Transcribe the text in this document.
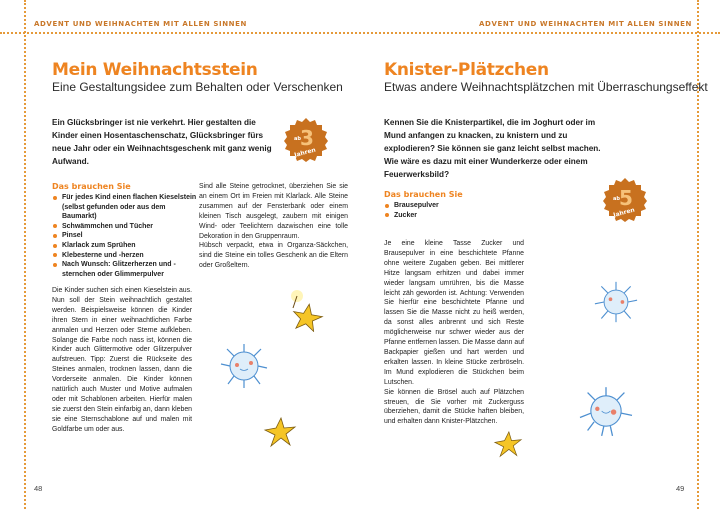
ADVENT UND WEIHNACHTEN MIT ALLEN SINNEN	ADVENT UND WEIHNACHTEN MIT ALLEN SINNEN
Mein Weihnachtsstein
Eine Gestaltungsidee zum Behalten oder Verschenken
Ein Glücksbringer ist nie verkehrt. Hier gestalten die Kinder einen Hosentaschenschatz, Glücksbringer fürs neue Jahr oder ein Weihnachtsgeschenk mit ganz wenig Aufwand.
ab 3
Jahren
Das brauchen Sie
Für jedes Kind einen flachen Kieselstein (selbst gefunden oder aus dem Baumarkt)
Schwämmchen und Tücher
Pinsel
Klarlack zum Sprühen
Klebesterne und -herzen
Nach Wunsch: Glitzerherzen und -sternchen oder Glimmerpulver

Sind alle Steine getrocknet, überziehen Sie sie an einem Ort im Freien mit Klarlack. Alle Steine zusammen auf der Fensterbank oder einem kleinen Tisch ausgelegt, zaubern mit einigen Wind- oder Teelichtern dazwischen eine tolle Dekoration in den Gruppenraum.

Hübsch verpackt, etwa in Organza-Säckchen, sind die Steine ein tolles Geschenk an die Eltern oder Großeltern.

Die Kinder suchen sich einen Kieselstein aus. Nun soll der Stein weihnachtlich gestaltet werden. Beispielsweise können die Kinder ihren Stern in einer weihnachtlichen Farbe anmalen und Herzen oder Sterne aufkleben. Solange die Farbe noch nass ist, können die Kinder auch Glittermotive oder Glitzerpulver aufstreuen. Tipp: Zuerst die Rückseite des Steines anmalen, trocknen lassen, dann die Vorderseite anmalen. Die Kinder können natürlich auch Muster und Motive aufmalen oder mit Schablonen arbeiten. Hierfür malen sie zuerst den Stein einfarbig an, dann kleben sie eine Sternschablone auf und malen mit Goldfarbe um oder aus.

48
Knister-Plätzchen
Etwas andere Weihnachtsplätzchen mit Überraschungseffekt
Kennen Sie die Knisterpartikel, die im Joghurt oder im Mund anfangen zu knacken, zu knistern und zu explodieren? Sie können sie ganz leicht selbst machen. Wie wäre es dazu mit einer Wunderkerze oder einem Feuerwerksbild?
Das brauchen Sie
Brausepulver
Zucker
ab 5
Jahren

Je eine kleine Tasse Zucker und Brausepulver in eine beschichtete Pfanne ohne weitere Zugaben geben. Bei mittlerer Hitze langsam erhitzen und dabei immer wieder langsam umrühren, bis die Masse leicht zäh geworden ist. Achtung: Verwenden Sie hierfür eine beschichtete Pfanne und lassen Sie die Masse nicht zu heiß werden, da sonst alles anbrennt und sich Reste möglicherweise nur schwer wieder aus der Pfanne entfernen lassen. Die Masse dann auf Backpapier gießen und hart werden und erkalten lassen. In kleine Stücke zerbröseln. Im Mund explodieren die Stückchen beim Lutschen.

Sie können die Brösel auch auf Plätzchen streuen, die Sie vorher mit Zuckerguss überziehen, damit die Stücke haften bleiben, und erhalten dann Knister-Plätzchen.

49
